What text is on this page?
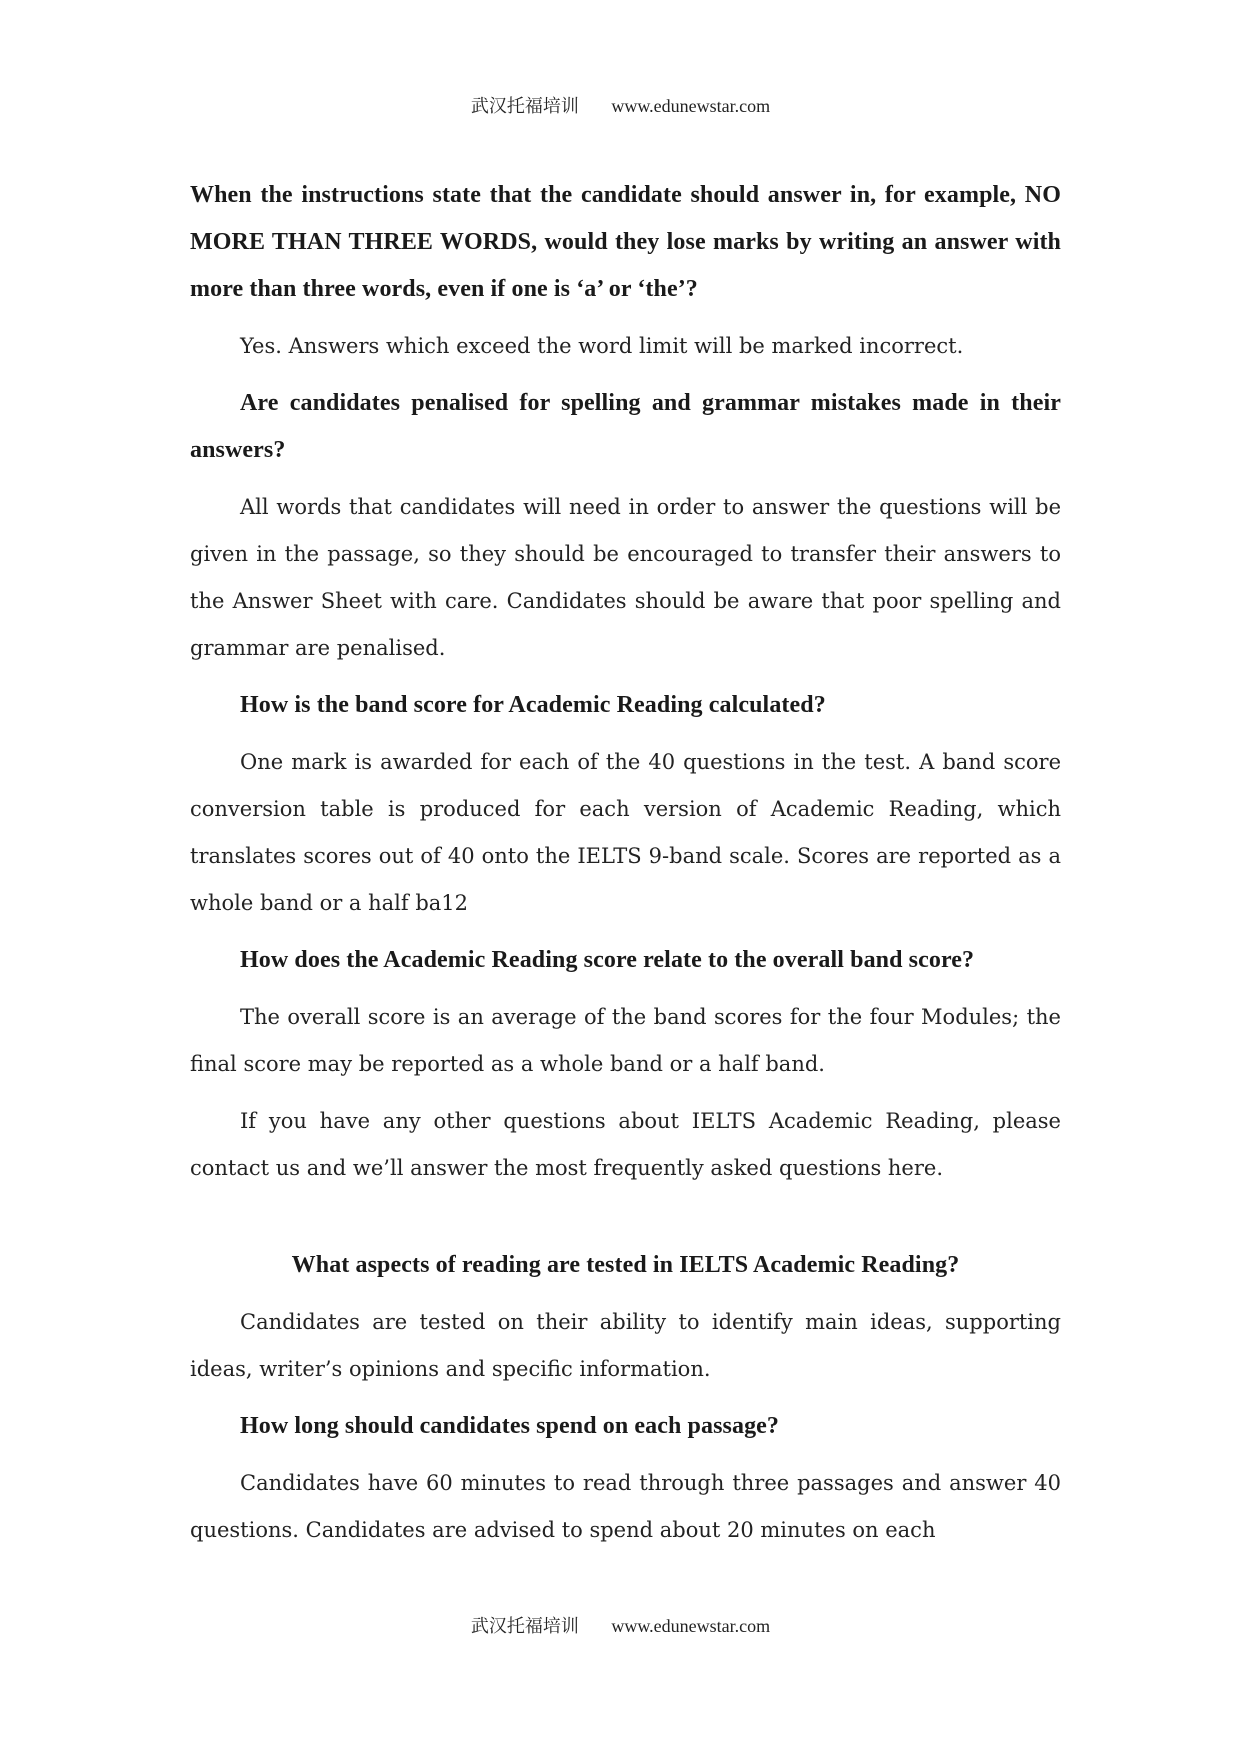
武汉托福培训 www.edunewstar.com

When the instructions state that the candidate should answer in, for example, NO MORE THAN THREE WORDS, would they lose marks by writing an answer with more than three words, even if one is ‘a’ or ‘the’?

Yes. Answers which exceed the word limit will be marked incorrect.

Are candidates penalised for spelling and grammar mistakes made in their answers?

All words that candidates will need in order to answer the questions will be given in the passage, so they should be encouraged to transfer their answers to the Answer Sheet with care. Candidates should be aware that poor spelling and grammar are penalised.

How is the band score for Academic Reading calculated?

One mark is awarded for each of the 40 questions in the test. A band score conversion table is produced for each version of Academic Reading, which translates scores out of 40 onto the IELTS 9-band scale. Scores are reported as a whole band or a half ba12

How does the Academic Reading score relate to the overall band score?

The overall score is an average of the band scores for the four Modules; the final score may be reported as a whole band or a half band.

If you have any other questions about IELTS Academic Reading, please contact us and we’ll answer the most frequently asked questions here.

What aspects of reading are tested in IELTS Academic Reading?

Candidates are tested on their ability to identify main ideas, supporting ideas, writer’s opinions and specific information.

How long should candidates spend on each passage?

Candidates have 60 minutes to read through three passages and answer 40 questions. Candidates are advised to spend about 20 minutes on each

武汉托福培训 www.edunewstar.com
